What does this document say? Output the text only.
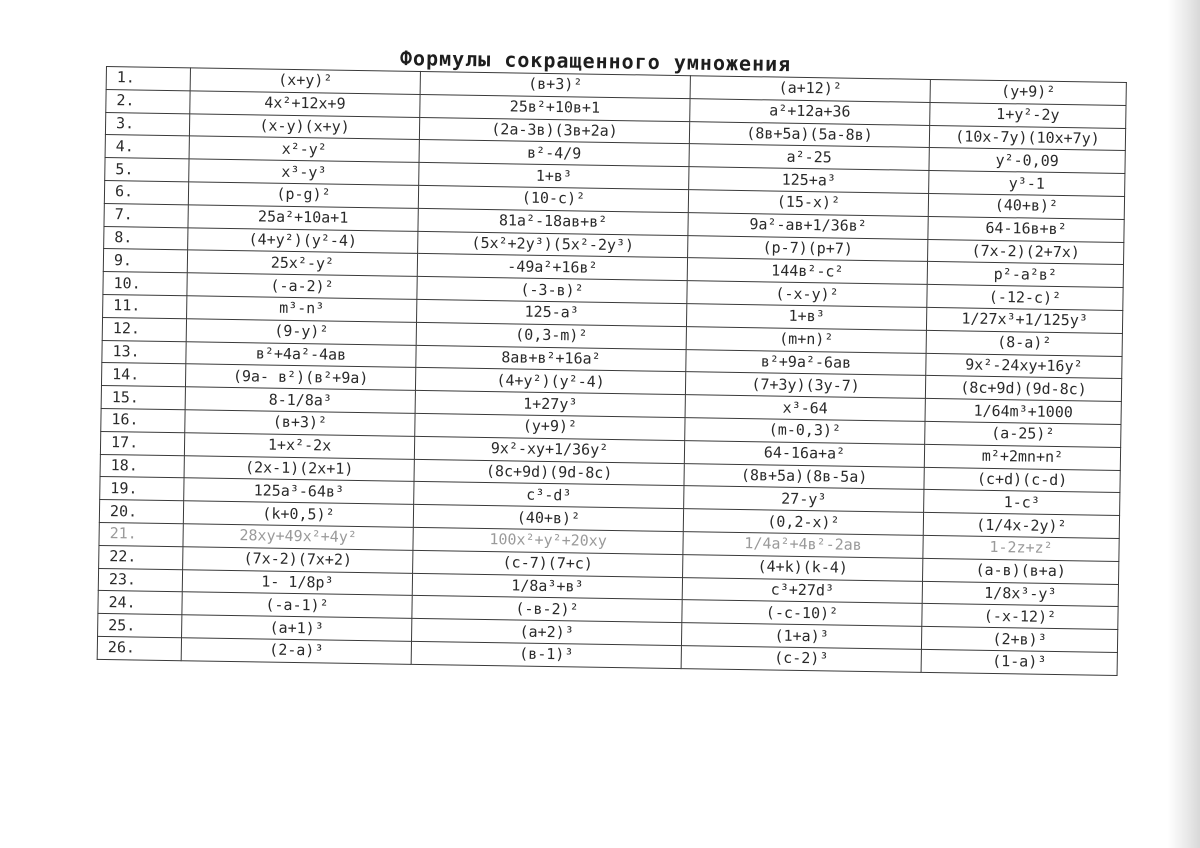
Формулы сокращенного умножения
1.	(x+y)²	(в+3)²	(a+12)²	(y+9)²
2.	4x²+12x+9	25в²+10в+1	a²+12a+36	1+y²-2y
3.	(x-y)(x+y)	(2a-3в)(3в+2a)	(8в+5a)(5a-8в)	(10x-7y)(10x+7y)
4.	x²-y²	в²-4/9	a²-25	y²-0,09
5.	x³-y³	1+в³	125+a³	y³-1
6.	(p-g)²	(10-c)²	(15-x)²	(40+в)²
7.	25a²+10a+1	81a²-18aв+в²	9a²-aв+1/36в²	64-16в+в²
8.	(4+y²)(y²-4)	(5x²+2y³)(5x²-2y³)	(p-7)(p+7)	(7x-2)(2+7x)
9.	25x²-y²	-49a²+16в²	144в²-c²	p²-a²в²
10.	(-a-2)²	(-3-в)²	(-x-y)²	(-12-c)²
11.	m³-n³	125-a³	1+в³	1/27x³+1/125y³
12.	(9-y)²	(0,3-m)²	(m+n)²	(8-a)²
13.	в²+4a²-4aв	8aв+в²+16a²	в²+9a²-6aв	9x²-24xy+16y²
14.	(9a- в²)(в²+9a)	(4+y²)(y²-4)	(7+3y)(3y-7)	(8c+9d)(9d-8c)
15.	8-1/8a³	1+27y³	x³-64	1/64m³+1000
16.	(в+3)²	(y+9)²	(m-0,3)²	(a-25)²
17.	1+x²-2x	9x²-xy+1/36y²	64-16a+a²	m²+2mn+n²
18.	(2x-1)(2x+1)	(8c+9d)(9d-8c)	(8в+5a)(8в-5a)	(c+d)(c-d)
19.	125a³-64в³	c³-d³	27-y³	1-c³
20.	(k+0,5)²	(40+в)²	(0,2-x)²	(1/4x-2y)²
21.	28xy+49x²+4y²	100x²+y²+20xy	1/4a²+4в²-2aв	1-2z+z²
22.	(7x-2)(7x+2)	(c-7)(7+c)	(4+k)(k-4)	(a-в)(в+a)
23.	1- 1/8p³	1/8a³+в³	c³+27d³	1/8x³-y³
24.	(-a-1)²	(-в-2)²	(-c-10)²	(-x-12)²
25.	(a+1)³	(a+2)³	(1+a)³	(2+в)³
26.	(2-a)³	(в-1)³	(c-2)³	(1-a)³
